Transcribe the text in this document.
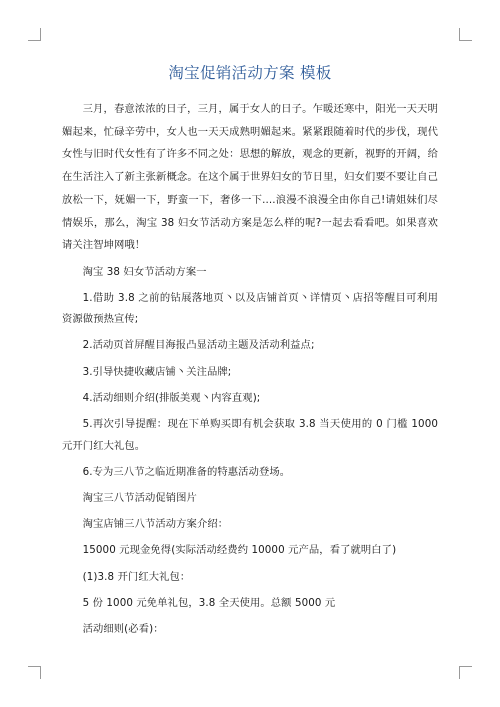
淘宝促销活动方案 模板

三月，春意浓浓的日子，三月，属于女人的日子。乍暖还寒中，阳光一天天明媚起来，忙碌辛劳中，女人也一天天成熟明媚起来。紧紧跟随着时代的步伐，现代女性与旧时代女性有了许多不同之处：思想的解放，观念的更新，视野的开阔，给在生活注入了新主张新概念。在这个属于世界妇女的节日里，妇女们要不要让自己放松一下，妩媚一下，野蛮一下，奢侈一下....浪漫不浪漫全由你自己!请姐妹们尽情娱乐，那么，淘宝 38 妇女节活动方案是怎么样的呢?一起去看看吧。如果喜欢请关注智坤网哦！

淘宝 38 妇女节活动方案一

1.借助 3.8 之前的钻展落地页丶以及店铺首页丶详情页丶店招等醒目可利用资源做预热宣传;

2.活动页首屏醒目海报凸显活动主题及活动利益点;

3.引导快捷收藏店铺丶关注品牌;

4.活动细则介绍(排版美观丶内容直观);

5.再次引导提醒：现在下单购买即有机会获取 3.8 当天使用的 0 门槛 1000 元开门红大礼包。

6.专为三八节之临近期准备的特惠活动登场。

淘宝三八节活动促销图片

淘宝店铺三八节活动方案介绍：

15000 元现金免得(实际活动经费约 10000 元产品，看了就明白了)

(1)3.8 开门红大礼包：

5 份 1000 元免单礼包，3.8 全天使用。总额 5000 元

活动细则(必看)：
